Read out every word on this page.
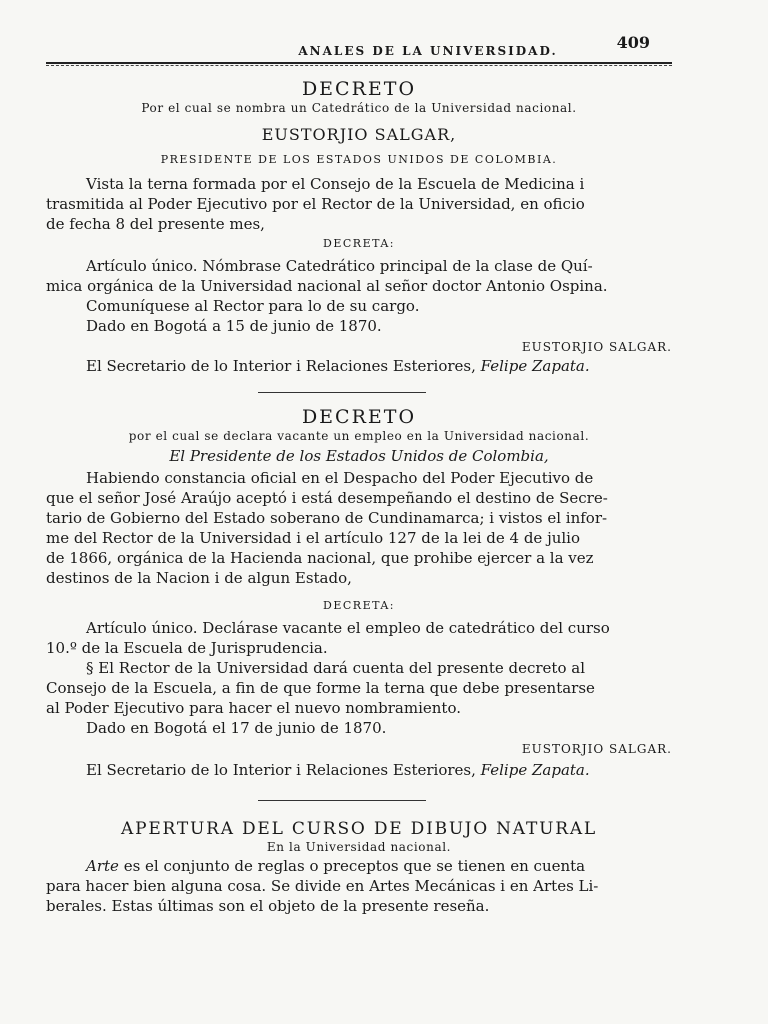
ANALES DE LA UNIVERSIDAD.	409
DECRETO
Por el cual se nombra un Catedrático de la Universidad nacional.
EUSTORJIO SALGAR,
PRESIDENTE DE LOS ESTADOS UNIDOS DE COLOMBIA.

Vista la terna formada por el Consejo de la Escuela de Medicina i

trasmitida al Poder Ejecutivo por el Rector de la Universidad, en oficio

de fecha 8 del presente mes,

DECRETA:

Artículo único. Nómbrase Catedrático principal de la clase de Quí-

mica orgánica de la Universidad nacional al señor doctor Antonio Ospina.

Comuníquese al Rector para lo de su cargo.

Dado en Bogotá a 15 de junio de 1870.

EUSTORJIO SALGAR.

El Secretario de lo Interior i Relaciones Esteriores, Felipe Zapata.

DECRETO
por el cual se declara vacante un empleo en la Universidad nacional.
El Presidente de los Estados Unidos de Colombia,

Habiendo constancia oficial en el Despacho del Poder Ejecutivo de

que el señor José Araújo aceptó i está desempeñando el destino de Secre-

tario de Gobierno del Estado soberano de Cundinamarca; i vistos el infor-

me del Rector de la Universidad i el artículo 127 de la lei de 4 de julio

de 1866, orgánica de la Hacienda nacional, que prohibe ejercer a la vez

destinos de la Nacion i de algun Estado,

DECRETA:

Artículo único. Declárase vacante el empleo de catedrático del curso

10.º de la Escuela de Jurisprudencia.

§ El Rector de la Universidad dará cuenta del presente decreto al

Consejo de la Escuela, a fin de que forme la terna que debe presentarse

al Poder Ejecutivo para hacer el nuevo nombramiento.

Dado en Bogotá el 17 de junio de 1870.

EUSTORJIO SALGAR.

El Secretario de lo Interior i Relaciones Esteriores, Felipe Zapata.

APERTURA DEL CURSO DE DIBUJO NATURAL
En la Universidad nacional.

Arte es el conjunto de reglas o preceptos que se tienen en cuenta

para hacer bien alguna cosa. Se divide en Artes Mecánicas i en Artes Li-

berales. Estas últimas son el objeto de la presente reseña.
